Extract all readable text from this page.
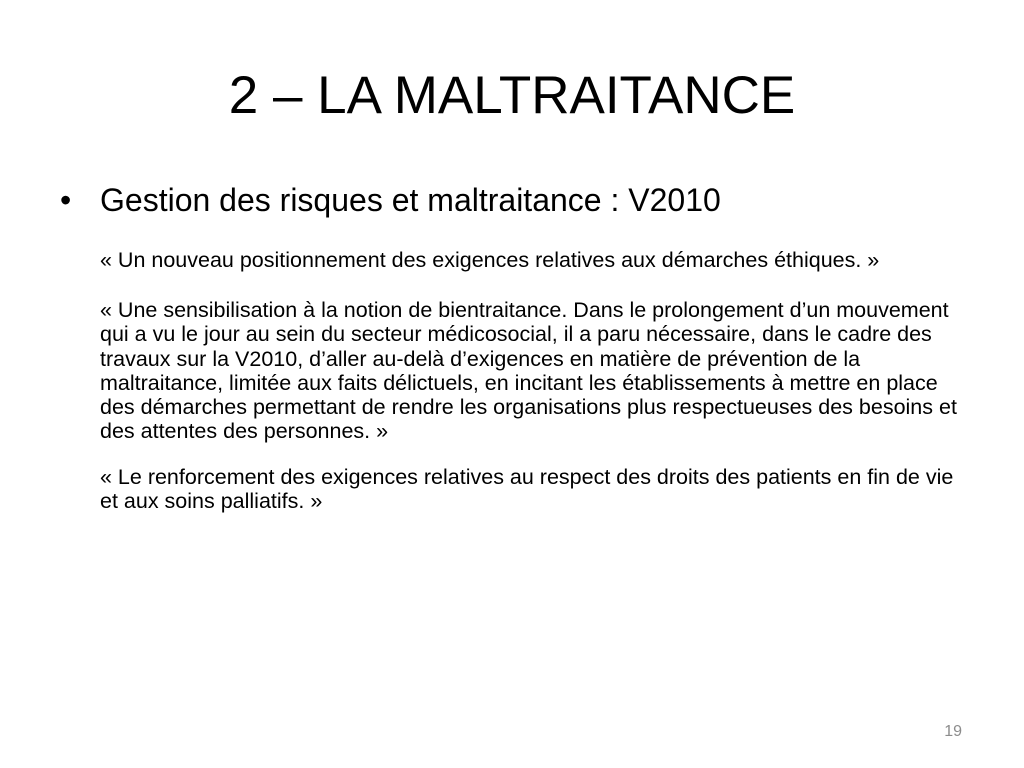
2 – LA MALTRAITANCE
• Gestion des risques et maltraitance : V2010
« Un nouveau positionnement des exigences relatives aux démarches éthiques. »
« Une sensibilisation à la notion de bientraitance. Dans le prolongement d’un mouvement qui a vu le jour au sein du secteur médicosocial, il a paru nécessaire, dans le cadre des travaux sur la V2010, d’aller au-delà d’exigences en matière de prévention de la maltraitance, limitée aux faits délictuels, en incitant les établissements à mettre en place des démarches permettant de rendre les organisations plus respectueuses des besoins et des attentes des personnes. »
« Le renforcement des exigences relatives au respect des droits des patients en fin de vie et aux soins palliatifs. »
19
